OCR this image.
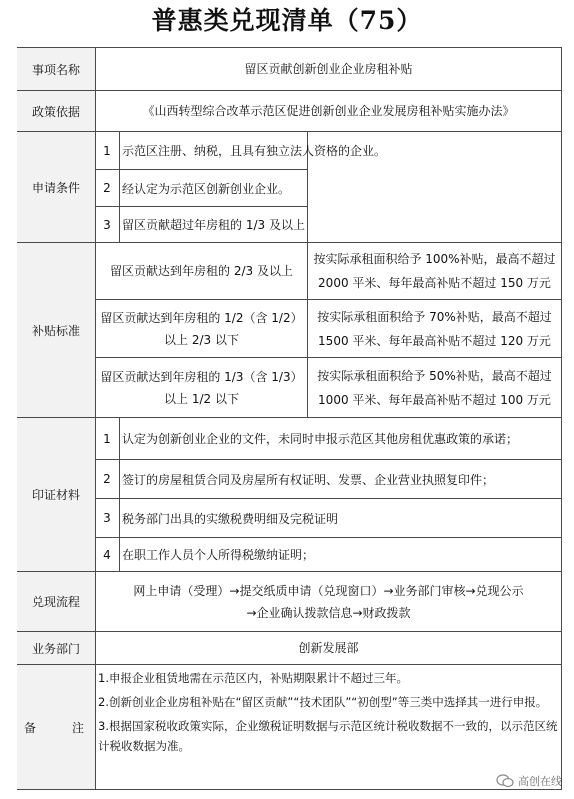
普惠类兑现清单（75）
事项名称
政策依据
申请条件
补贴标准
印证材料
兑现流程
业务部门
备　　注
留区贡献创新创业企业房租补贴
《山西转型综合改革示范区促进创新创业企业发展房租补贴实施办法》
1 示范区注册、纳税，且具有独立法人资格的企业。
2 经认定为示范区创新创业企业。
3 留区贡献超过年房租的 1/3 及以上
留区贡献达到年房租的 2/3 及以上
按实际承租面积给予 100%补贴，最高不超过
2000 平米、每年最高补贴不超过 150 万元
留区贡献达到年房租的 1/2（含 1/2）
以上 2/3 以下
按实际承租面积给予 70%补贴，最高不超过
1500 平米、每年最高补贴不超过 120 万元
留区贡献达到年房租的 1/3（含 1/3）
以上 1/2 以下
按实际承租面积给予 50%补贴，最高不超过
1000 平米、每年最高补贴不超过 100 万元
1 认定为创新创业企业的文件，未同时申报示范区其他房租优惠政策的承诺；
2 签订的房屋租赁合同及房屋所有权证明、发票、企业营业执照复印件；
3 税务部门出具的实缴税费明细及完税证明
4 在职工作人员个人所得税缴纳证明；
网上申请（受理）→提交纸质申请（兑现窗口）→业务部门审核→兑现公示
→企业确认拨款信息→财政拨款
创新发展部

1.申报企业租赁地需在示范区内，补贴期限累计不超过三年。

2.创新创业企业房租补贴在“留区贡献”“技术团队”“初创型”等三类中选择其一进行申报。

3.根据国家税收政策实际，企业缴税证明数据与示范区统计税收数据不一致的，以示范区统计税收数据为准。

高创在线
